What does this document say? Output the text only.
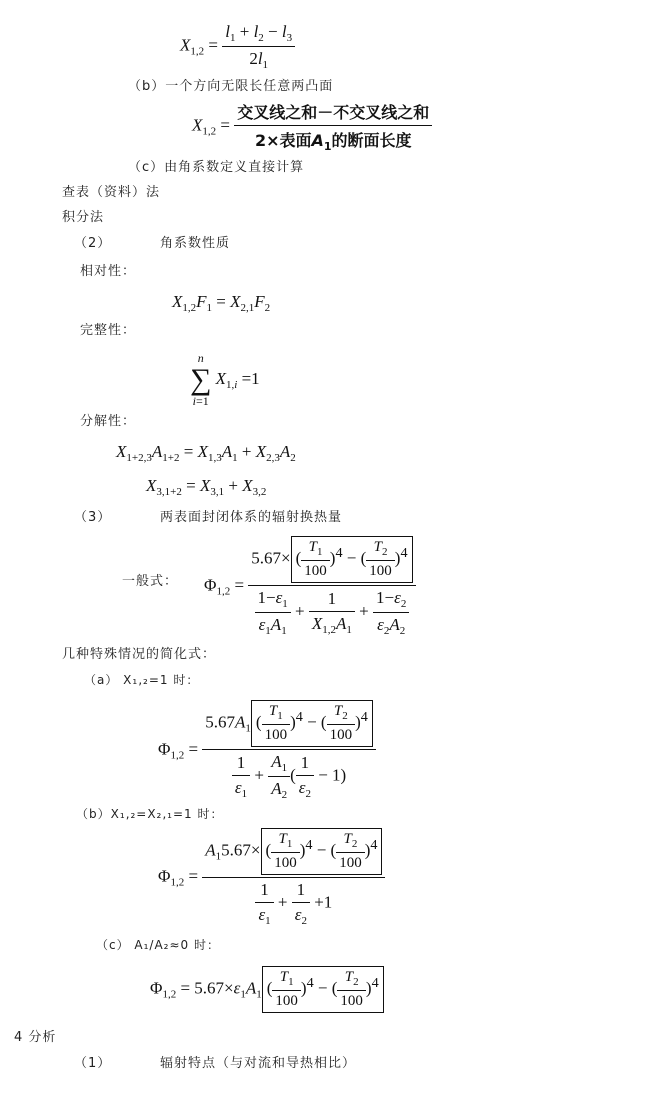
$X_{1,2} = \frac{l_1 + l_2 - l_3}{2l_1}$
（b）一个方向无限长任意两凸面
$X_{1,2} = \frac{\text{交叉线之和－不交叉线之和}}{2\times 表面A_1的断面长度}$
（c）由角系数定义直接计算
查表（资料）法
积分法
（2）	角系数性质
相对性：
$X_{1,2}F_1 = X_{2,1}F_2$
完整性：
n
∑
i=1 $X_{1,i} =1$
分解性：
$X_{1+2,3}A_{1+2} = X_{1,3}A_1 + X_{2,3}A_2$
$X_{3,1+2} = X_{3,1} + X_{3,2}$
（3）	两表面封闭体系的辐射换热量
一般式： $\Phi_{1,2} = \frac{5.67\times ( \frac{T_1}{100} )^4 - ( \frac{T_2}{100} )^4}{\frac{1-\varepsilon_1}{\varepsilon_1A_1} + \frac{1}{X_{1,2}A_1} + \frac{1-\varepsilon_2}{\varepsilon_2A_2}}$
几种特殊情况的简化式：
（a） X₁‚₂=1 时：
$\Phi_{1,2} = \frac{5.67A_1 ( \frac{T_1}{100} )^4 - ( \frac{T_2}{100} )^4}{\frac{1}{\varepsilon_1} + \frac{A_1}{A_2} ( \frac{1}{\varepsilon_2} - 1)}$
（b）X₁‚₂=X₂‚₁=1 时：
$\Phi_{1,2} = \frac{A_15.67\times ( \frac{T_1}{100} )^4 - ( \frac{T_2}{100} )^4}{\frac{1}{\varepsilon_1} + \frac{1}{\varepsilon_2} +1}$
（c） A₁/A₂≈0 时：
$\Phi_{1,2} = 5.67\times\varepsilon_1A_1$ ( $\frac{T_1}{100} )^4$ − ( $\frac{T_2}{100} )^4$
4 分析
（1）	辐射特点（与对流和导热相比）
